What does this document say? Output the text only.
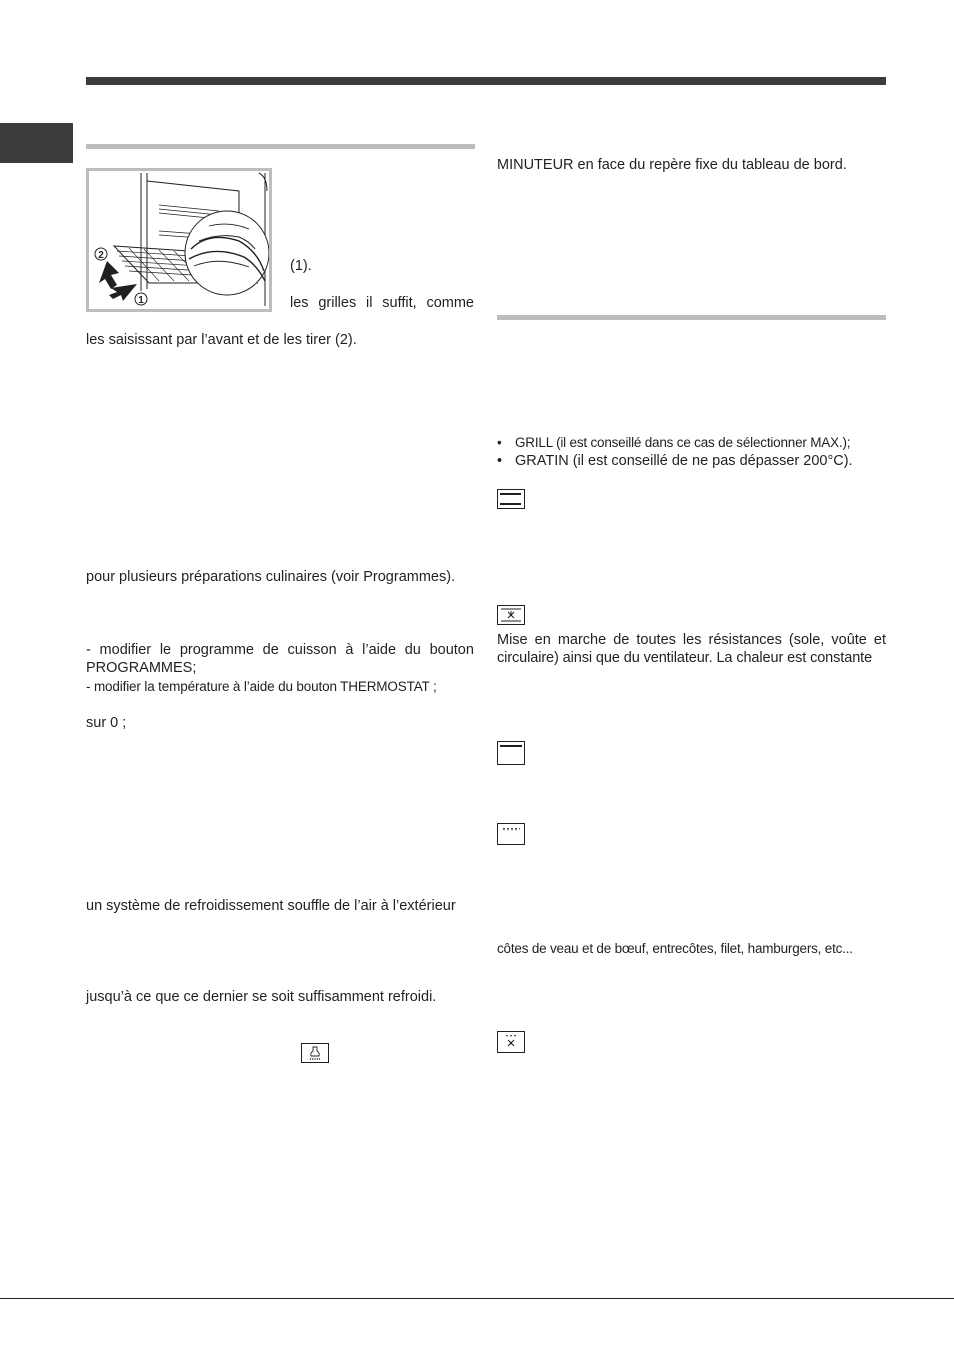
2
1
(1).
les grilles il suffit, comme
les saisissant par l’avant et de les tirer (2).
pour plusieurs préparations culinaires (voir Programmes).
- modifier le programme de cuisson à l’aide du bouton
PROGRAMMES;
- modifier la température à l’aide du bouton THERMOSTAT ;
sur 0 ;
un système de refroidissement souffle de l’air à l’extérieur
jusqu’à ce que ce dernier se soit suffisamment refroidi.
MINUTEUR en face du repère fixe du tableau de bord.
• GRILL (il est conseillé dans ce cas de sélectionner MAX.);
• GRATIN (il est conseillé de ne pas dépasser 200°C).
Mise en marche de toutes les résistances (sole, voûte et
circulaire) ainsi que du ventilateur. La chaleur est constante
côtes de veau et de bœuf, entrecôtes, filet, hamburgers, etc...
